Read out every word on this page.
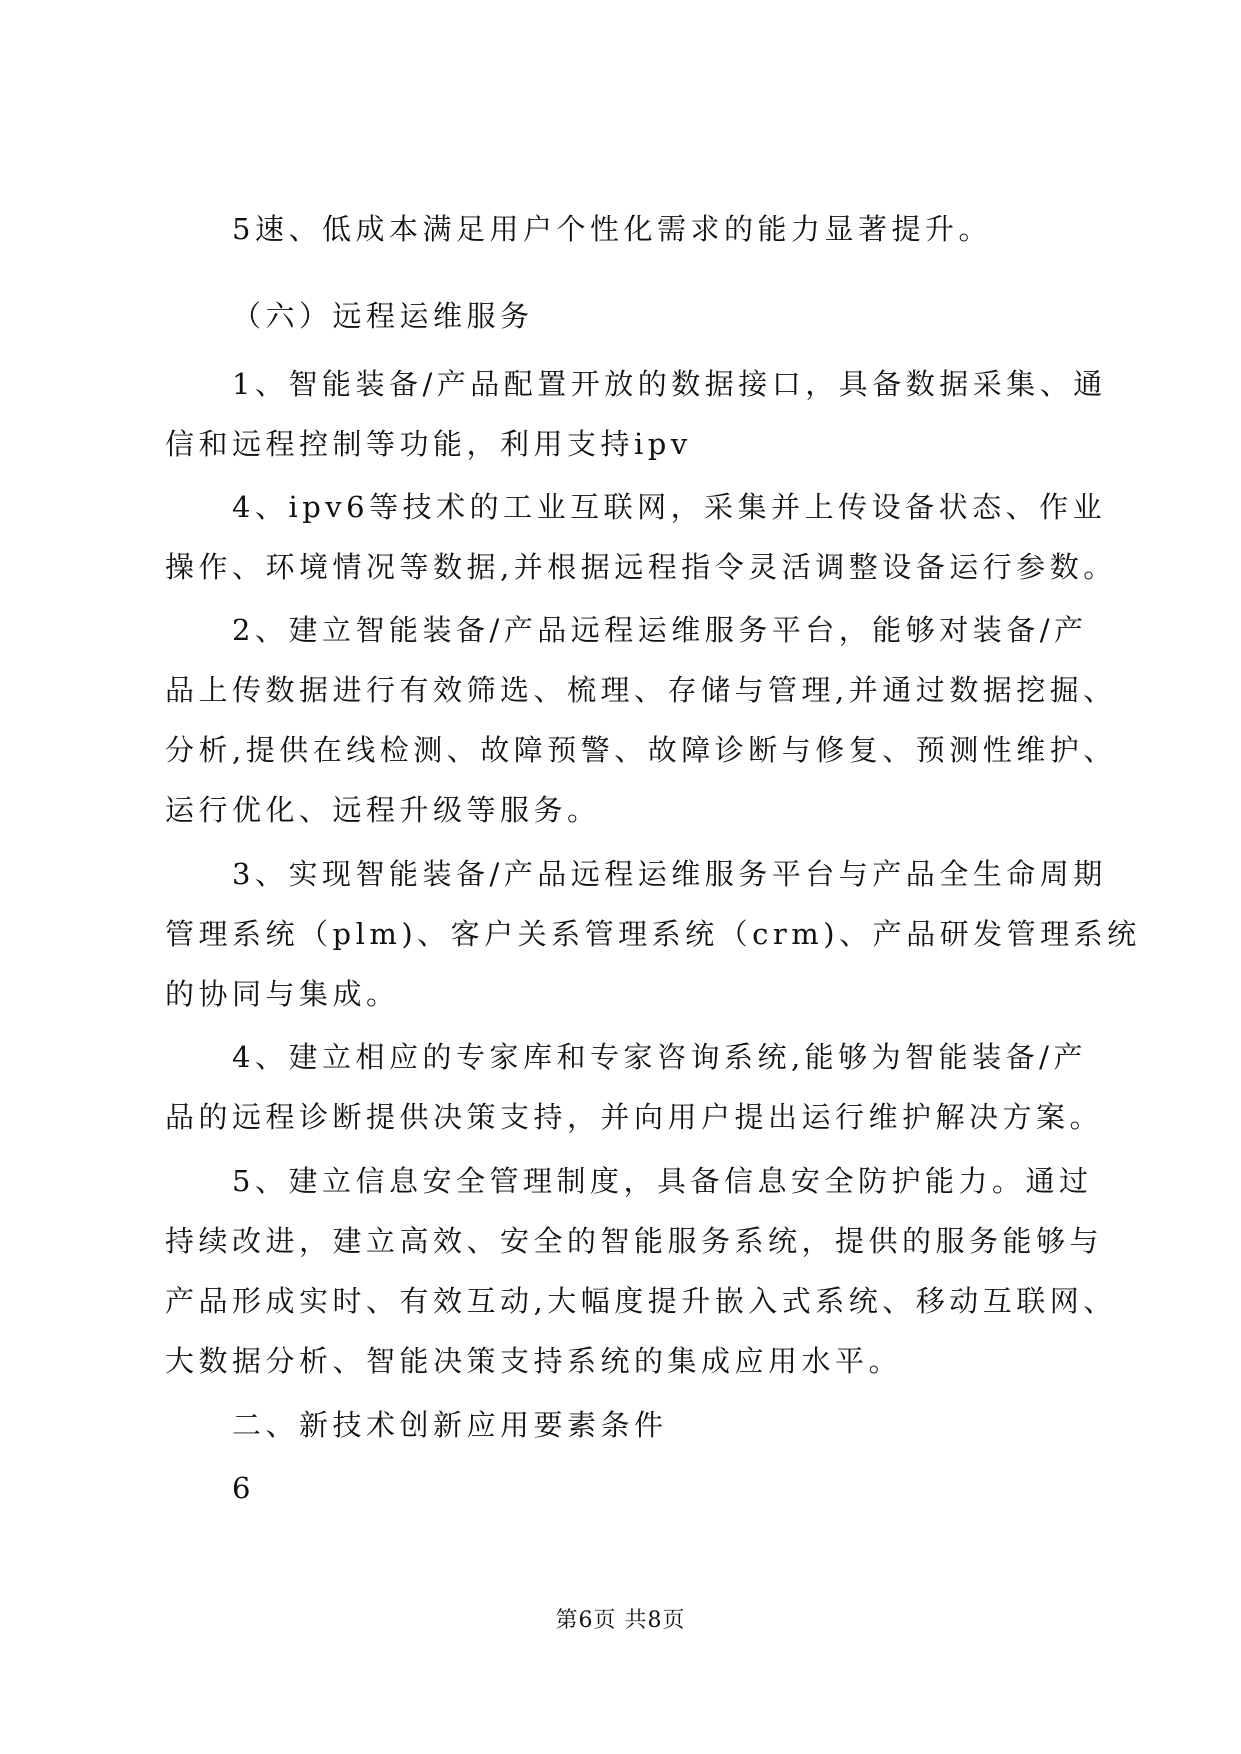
5速、低成本满足用户个性化需求的能力显著提升。
（六）远程运维服务
1、智能装备/产品配置开放的数据接口，具备数据采集、通
信和远程控制等功能，利用支持ipv
4、ipv6等技术的工业互联网，采集并上传设备状态、作业
操作、环境情况等数据,并根据远程指令灵活调整设备运行参数。
2、建立智能装备/产品远程运维服务平台，能够对装备/产
品上传数据进行有效筛选、梳理、存储与管理,并通过数据挖掘、
分析,提供在线检测、故障预警、故障诊断与修复、预测性维护、
运行优化、远程升级等服务。
3、实现智能装备/产品远程运维服务平台与产品全生命周期
管理系统（plm)、客户关系管理系统（crm)、产品研发管理系统
的协同与集成。
4、建立相应的专家库和专家咨询系统,能够为智能装备/产
品的远程诊断提供决策支持，并向用户提出运行维护解决方案。
5、建立信息安全管理制度，具备信息安全防护能力。通过
持续改进，建立高效、安全的智能服务系统，提供的服务能够与
产品形成实时、有效互动,大幅度提升嵌入式系统、移动互联网、
大数据分析、智能决策支持系统的集成应用水平。
二、新技术创新应用要素条件
6
第6页 共8页
